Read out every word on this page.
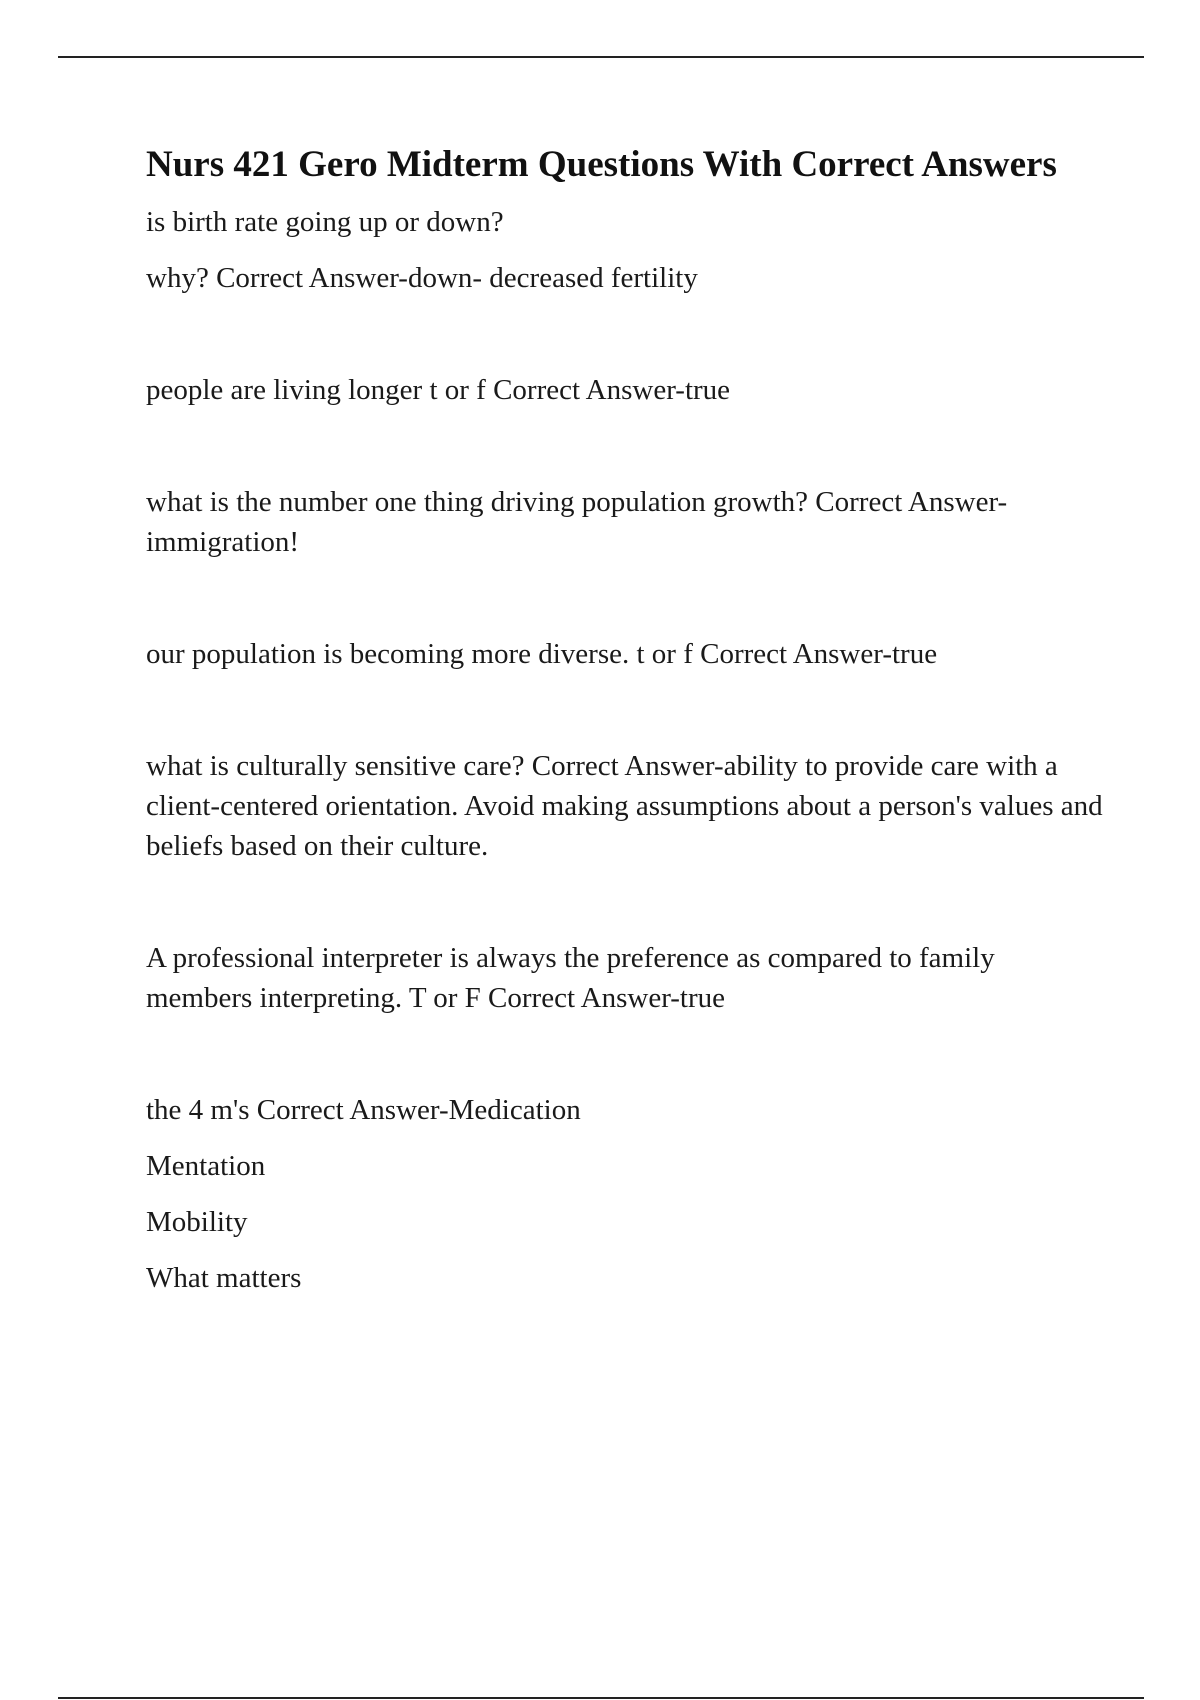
Nurs 421 Gero Midterm Questions With Correct Answers

is birth rate going up or down?

why? Correct Answer-down- decreased fertility

people are living longer t or f Correct Answer-true

what is the number one thing driving population growth? Correct Answer-immigration!

our population is becoming more diverse. t or f Correct Answer-true

what is culturally sensitive care? Correct Answer-ability to provide care with a client-centered orientation. Avoid making assumptions about a person's values and beliefs based on their culture.

A professional interpreter is always the preference as compared to family members interpreting. T or F Correct Answer-true

the 4 m's Correct Answer-Medication

Mentation

Mobility

What matters
